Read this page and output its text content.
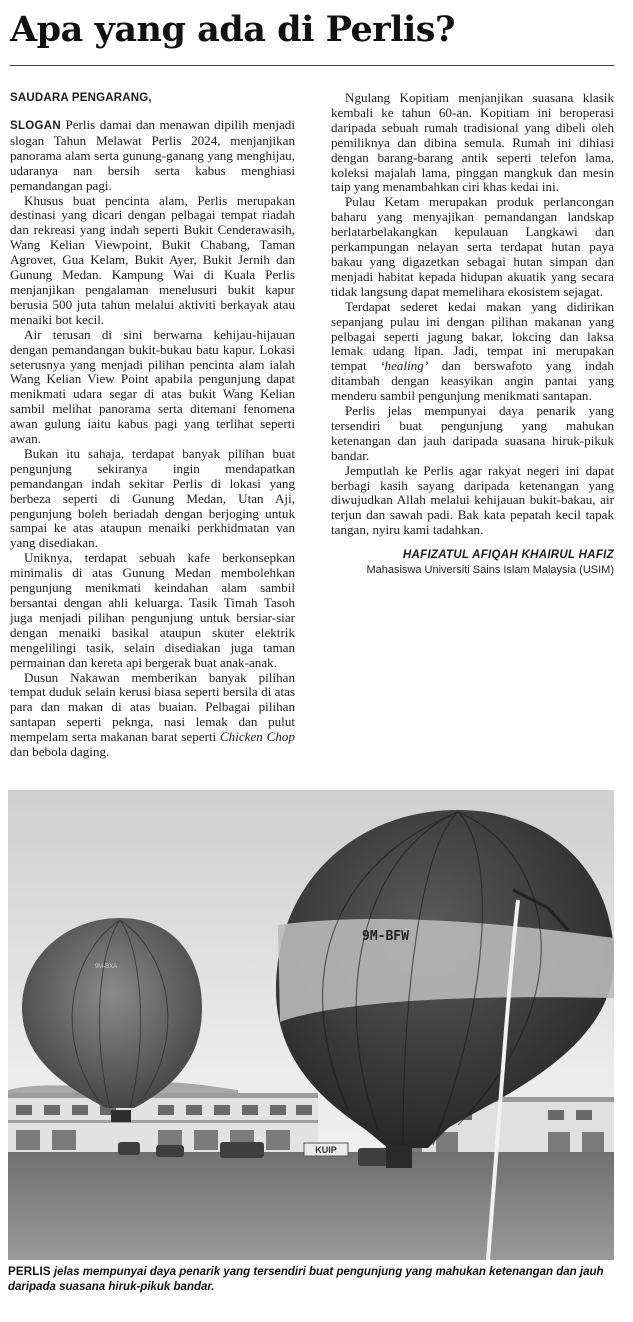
Apa yang ada di Perlis?
SAUDARA PENGARANG,

SLOGAN Perlis damai dan menawan dipilih menjadi slogan Tahun Melawat Perlis 2024, menjanjikan panorama alam serta gunung-ganang yang menghijau, udaranya nan bersih serta kabus menghiasi pemandangan pagi.

Khusus buat pencinta alam, Perlis merupakan destinasi yang dicari dengan pelbagai tempat riadah dan rekreasi yang indah seperti Bukit Cenderawasih, Wang Kelian Viewpoint, Bukit Chabang, Taman Agrovet, Gua Kelam, Bukit Ayer, Bukit Jernih dan Gunung Medan. Kampung Wai di Kuala Perlis menjanjikan pengalaman menelusuri bukit kapur berusia 500 juta tahun melalui aktiviti berkayak atau menaiki bot kecil.

Air terusan di sini berwarna kehijau-hijauan dengan pemandangan bukit-bukau batu kapur. Lokasi seterusnya yang menjadi pilihan pencinta alam ialah Wang Kelian View Point apabila pengunjung dapat menikmati udara segar di atas bukit Wang Kelian sambil melihat panorama serta ditemani fenomena awan gulung iaitu kabus pagi yang terlihat seperti awan.

Bukan itu sahaja, terdapat banyak pilihan buat pengunjung sekiranya ingin mendapatkan pemandangan indah sekitar Perlis di lokasi yang berbeza seperti di Gunung Medan, Utan Aji, pengunjung boleh beriadah dengan berjoging untuk sampai ke atas ataupun menaiki perkhidmatan van yang disediakan.

Uniknya, terdapat sebuah kafe berkonsepkan minimalis di atas Gunung Medan membolehkan pengunjung menikmati keindahan alam sambil bersantai dengan ahli keluarga. Tasik Timah Tasoh juga menjadi pilihan pengunjung untuk bersiar-siar dengan menaiki basikal ataupun skuter elektrik mengelilingi tasik, selain disediakan juga taman permainan dan kereta api bergerak buat anak-anak.

Dusun Nakawan memberikan banyak pilihan tempat duduk selain kerusi biasa seperti bersila di atas para dan makan di atas buaian. Pelbagai pilihan santapan seperti peknga, nasi lemak dan pulut mempelam serta makanan barat seperti Chicken Chop dan bebola daging.

Ngulang Kopitiam menjanjikan suasana klasik kembali ke tahun 60-an. Kopitiam ini beroperasi daripada sebuah rumah tradisional yang dibeli oleh pemiliknya dan dibina semula. Rumah ini dihiasi dengan barang-barang antik seperti telefon lama, koleksi majalah lama, pinggan mangkuk dan mesin taip yang menambahkan ciri khas kedai ini.

Pulau Ketam merupakan produk perlancongan baharu yang menyajikan pemandangan landskap berlatarbelakangkan kepulauan Langkawi dan perkampungan nelayan serta terdapat hutan paya bakau yang digazetkan sebagai hutan simpan dan menjadi habitat kepada hidupan akuatik yang secara tidak langsung dapat memelihara ekosistem sejagat.

Terdapat sederet kedai makan yang didirikan sepanjang pulau ini dengan pilihan makanan yang pelbagai seperti jagung bakar, lokcing dan laksa lemak udang lipan. Jadi, tempat ini merupakan tempat ‘healing’ dan berswafoto yang indah ditambah dengan keasyikan angin pantai yang menderu sambil pengunjung menikmati santapan.

Perlis jelas mempunyai daya penarik yang tersendiri buat pengunjung yang mahukan ketenangan dan jauh daripada suasana hiruk-pikuk bandar.

Jemputlah ke Perlis agar rakyat negeri ini dapat berbagi kasih sayang daripada ketenangan yang diwujudkan Allah melalui kehijauan bukit-bakau, air terjun dan sawah padi. Bak kata pepatah kecil tapak tangan, nyiru kami tadahkan.

HAFIZATUL AFIQAH KHAIRUL HAFIZ
Mahasiswa Universiti Sains Islam Malaysia (USIM)
KUIP
9M-BXA
9M-BFW
PERLIS jelas mempunyai daya penarik yang tersendiri buat pengunjung yang mahukan ketenangan dan jauh daripada suasana hiruk-pikuk bandar.
